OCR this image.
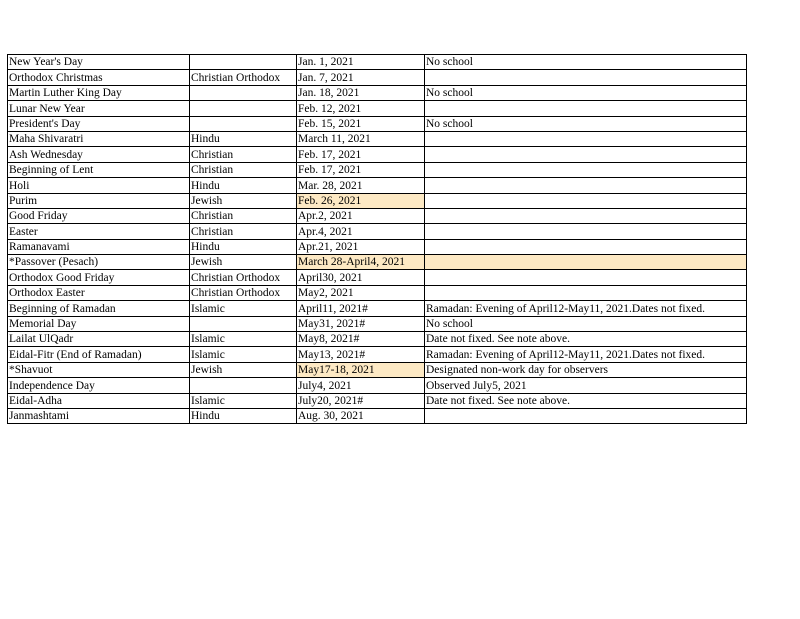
New Year's Day		Jan. 1, 2021	No school
Orthodox Christmas	Christian Orthodox	Jan. 7, 2021	
Martin Luther King Day		Jan. 18, 2021	No school
Lunar New Year		Feb. 12, 2021	
President's Day		Feb. 15, 2021	No school
Maha Shivaratri	Hindu	March 11, 2021	
Ash Wednesday	Christian	Feb. 17, 2021	
Beginning of Lent	Christian	Feb. 17, 2021	
Holi	Hindu	Mar. 28, 2021	
Purim	Jewish	Feb. 26, 2021	
Good Friday	Christian	Apr.2, 2021	
Easter	Christian	Apr.4, 2021	
Ramanavami	Hindu	Apr.21, 2021	
*Passover (Pesach)	Jewish	March 28-April4, 2021	
Orthodox Good Friday	Christian Orthodox	April30, 2021	
Orthodox Easter	Christian Orthodox	May2, 2021	
Beginning of Ramadan	Islamic	April11, 2021#	Ramadan: Evening of April12-May11, 2021.Dates not fixed.
Memorial Day		May31, 2021#	No school
Lailat UlQadr	Islamic	May8, 2021#	Date not fixed. See note above.
Eidal-Fitr (End of Ramadan)	Islamic	May13, 2021#	Ramadan: Evening of April12-May11, 2021.Dates not fixed.
*Shavuot	Jewish	May17-18, 2021	Designated non-work day for observers
Independence Day		July4, 2021	Observed July5, 2021
Eidal-Adha	Islamic	July20, 2021#	Date not fixed. See note above.
Janmashtami	Hindu	Aug. 30, 2021	
